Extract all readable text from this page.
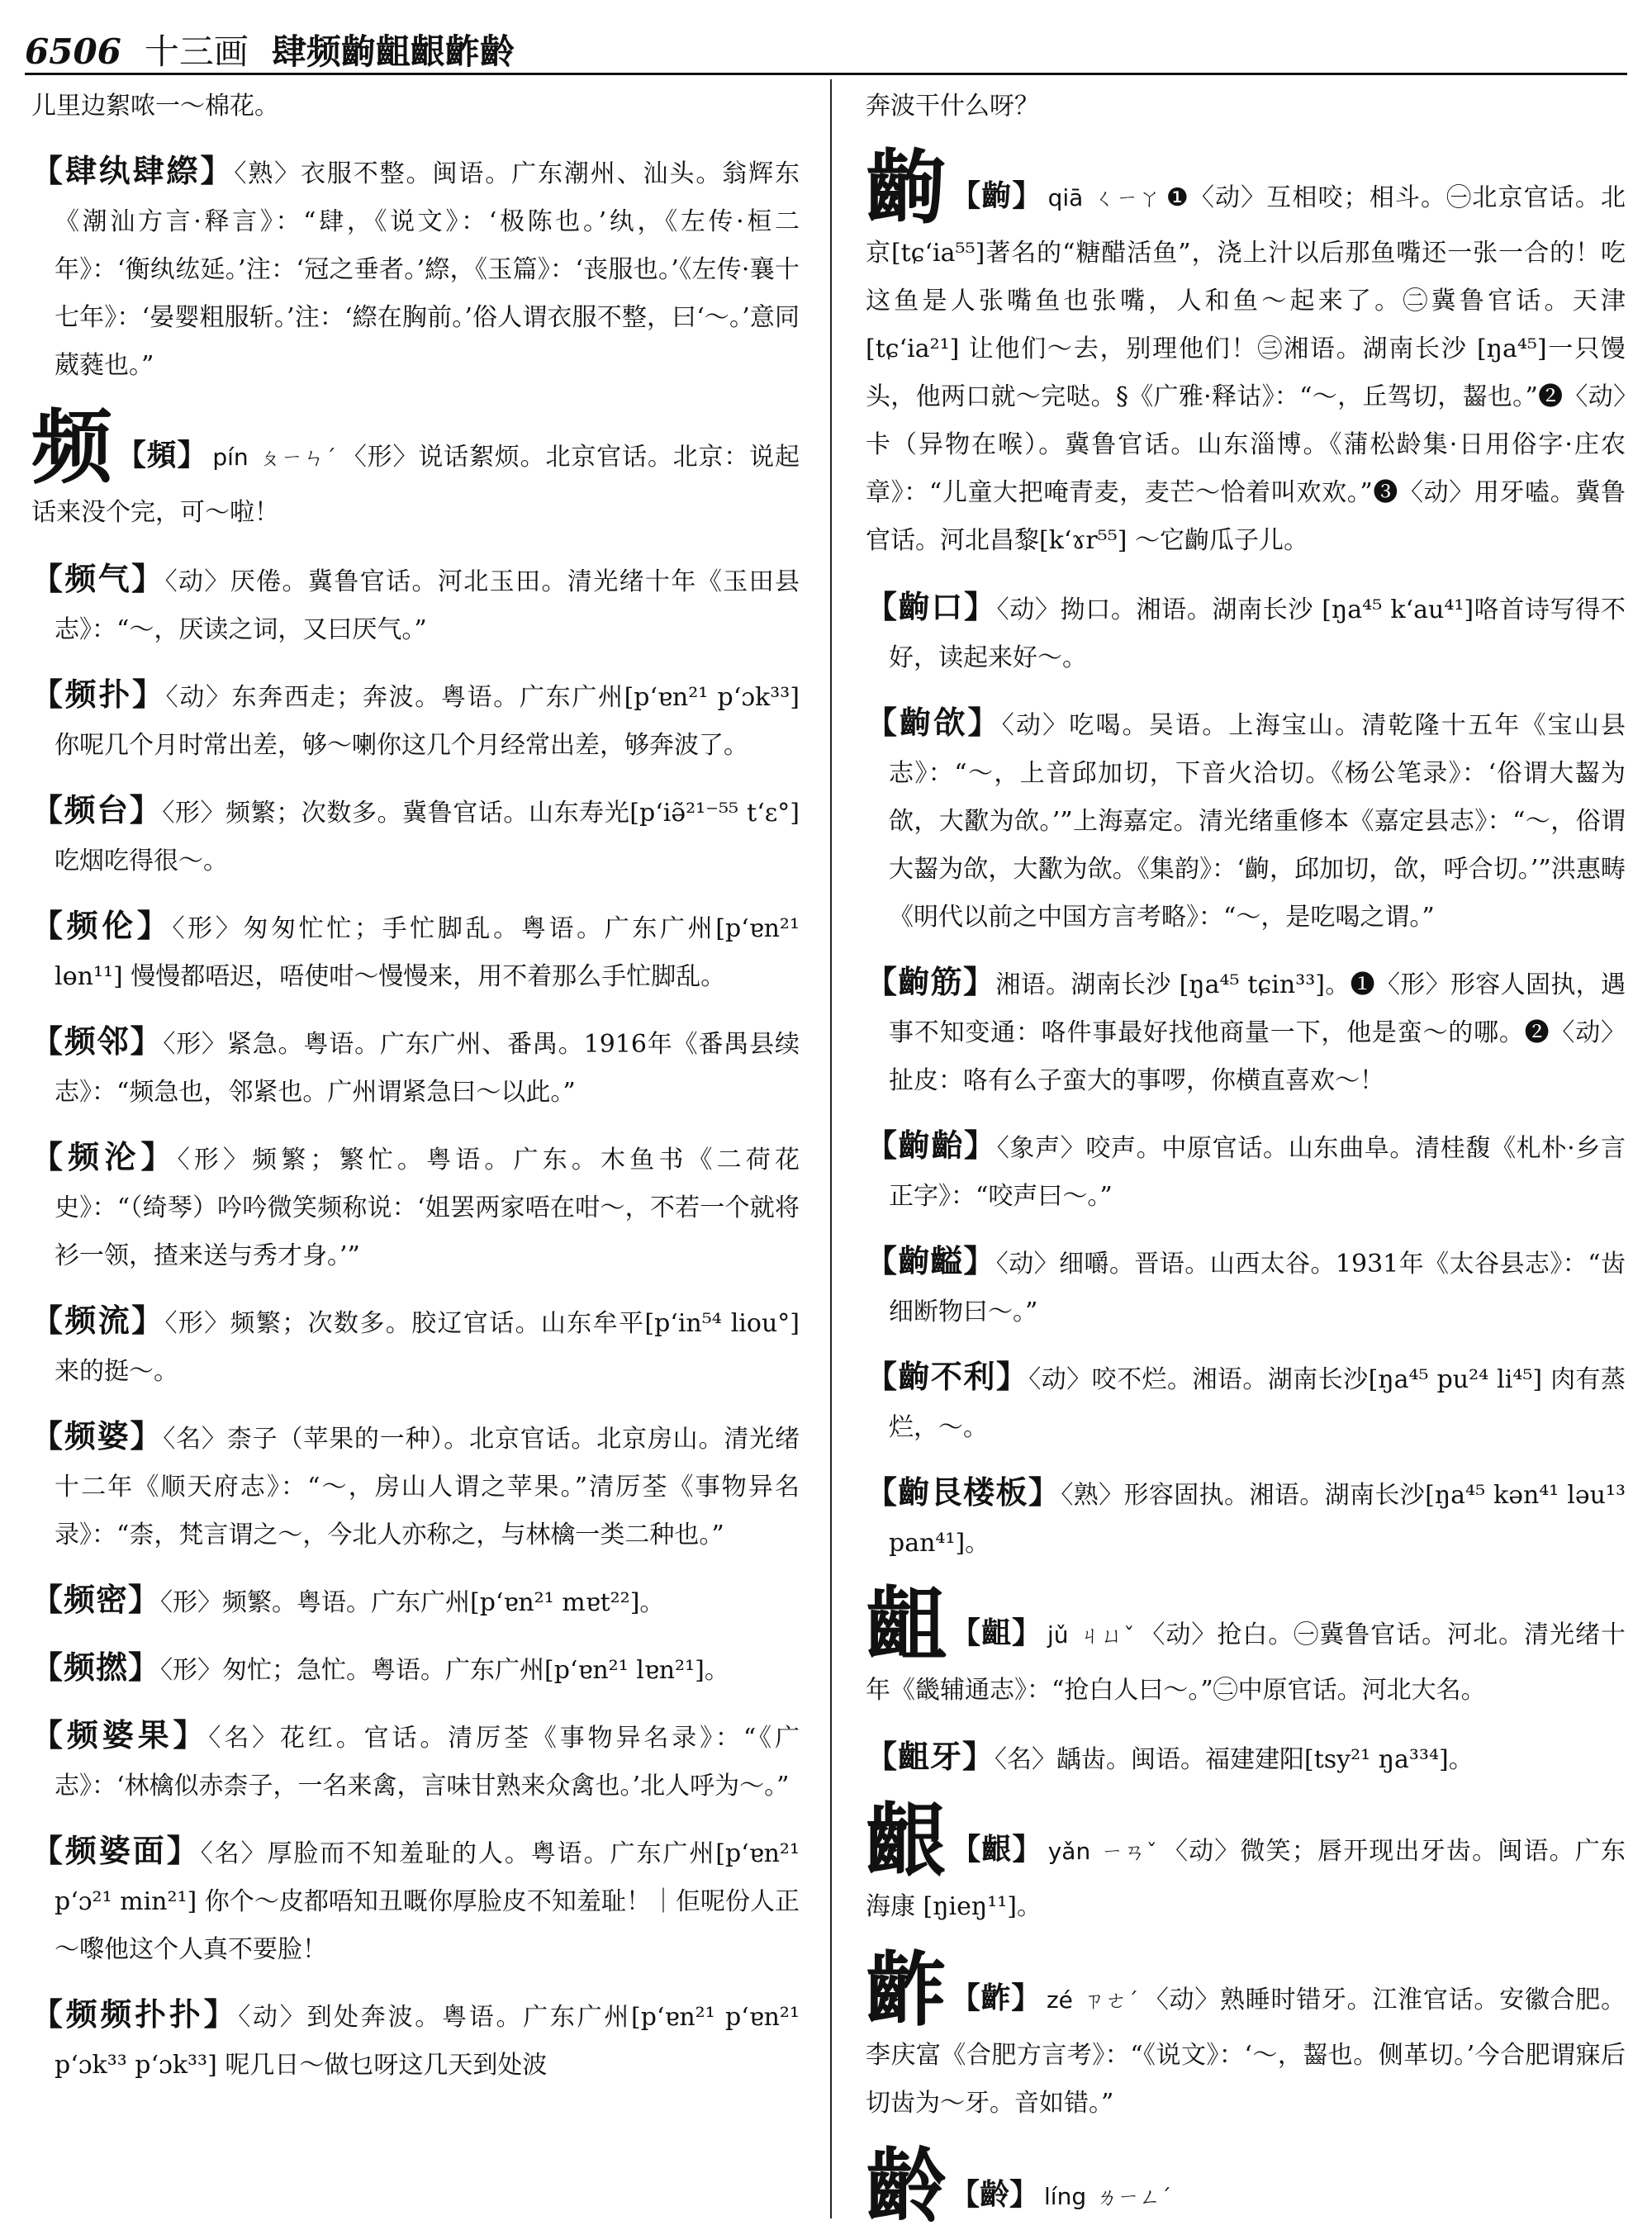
6506 十三画 肆频齣齟齦齚齡
儿里边絮哝一～棉花。
【肆纨肆縩】〈熟〉衣服不整。闽语。广东潮州、汕头。翁辉东《潮汕方言·释言》：“肆，《说文》：‘极陈也。’纨，《左传·桓二年》：‘衡纨纮延。’注：‘冠之垂者。’縩，《玉篇》：‘丧服也。’《左传·襄十七年》：‘晏婴粗服斩。’注：‘縩在胸前。’俗人谓衣服不整，曰‘～。’意同葳蕤也。”
频 【頻】 pín ㄆㄧㄣˊ 〈形〉说话絮烦。北京官话。北京：说起话来没个完，可～啦！
【频气】〈动〉厌倦。冀鲁官话。河北玉田。清光绪十年《玉田县志》：“～，厌读之词，又曰厌气。”
【频扑】〈动〉东奔西走；奔波。粤语。广东广州[p‘ɐn²¹ p‘ɔk³³] 你呢几个月时常出差，够～喇你这几个月经常出差，够奔波了。
【频台】〈形〉频繁；次数多。冀鲁官话。山东寿光[p‘iə̃²¹⁻⁵⁵ t‘ɛ°] 吃烟吃得很～。
【频伦】〈形〉匆匆忙忙；手忙脚乱。粤语。广东广州[p‘ɐn²¹ lɵn¹¹] 慢慢都唔迟，唔使咁～慢慢来，用不着那么手忙脚乱。
【频邻】〈形〉紧急。粤语。广东广州、番禺。1916年《番禺县续志》：“频急也，邻紧也。广州谓紧急曰～以此。”
【频沦】〈形〉频繁；繁忙。粤语。广东。木鱼书《二荷花史》：“（绮琴）吟吟微笑频称说：‘姐罢两家唔在咁～，不若一个就将衫一领，揸来送与秀才身。’”
【频流】〈形〉频繁；次数多。胶辽官话。山东牟平[p‘in⁵⁴ liou°] 来的挺～。
【频婆】〈名〉柰子（苹果的一种）。北京官话。北京房山。清光绪十二年《顺天府志》：“～，房山人谓之苹果。”清厉荃《事物异名录》：“柰，梵言谓之～，今北人亦称之，与林檎一类二种也。”
【频密】〈形〉频繁。粤语。广东广州[p‘ɐn²¹ mɐt²²]。
【频撚】〈形〉匆忙；急忙。粤语。广东广州[p‘ɐn²¹ lɐn²¹]。
【频婆果】〈名〉花红。官话。清厉荃《事物异名录》：“《广志》：‘林檎似赤柰子，一名来禽，言味甘熟来众禽也。’北人呼为～。”
【频婆面】〈名〉厚脸而不知羞耻的人。粤语。广东广州[p‘ɐn²¹ p‘ɔ²¹ min²¹] 你个～皮都唔知丑嘅你厚脸皮不知羞耻！｜佢呢份人正～嚟他这个人真不要脸！
【频频扑扑】〈动〉到处奔波。粤语。广东广州[p‘ɐn²¹ p‘ɐn²¹ p‘ɔk³³ p‘ɔk³³] 呢几日～做乜呀这几天到处波
奔波干什么呀？
齣 【齣】 qiā ㄑㄧㄚ ❶〈动〉互相咬；相斗。㊀北京官话。北京[tɕ‘ia⁵⁵]著名的“糖醋活鱼”，浇上汁以后那鱼嘴还一张一合的！吃这鱼是人张嘴鱼也张嘴，人和鱼～起来了。㊁冀鲁官话。天津 [tɕ‘ia²¹] 让他们～去，别理他们！㊂湘语。湖南长沙 [ŋa⁴⁵]一只馒头，他两口就～完哒。§《广雅·释诂》：“～，丘驾切，齧也。”❷〈动〉卡（异物在喉）。冀鲁官话。山东淄博。《蒲松龄集·日用俗字·庄农章》：“儿童大把唵青麦，麦芒～恰着叫欢欢。”❸〈动〉用牙嗑。冀鲁官话。河北昌黎[k‘ɤr⁵⁵] ～它齣瓜子儿。
【齣口】〈动〉拗口。湘语。湖南长沙 [ŋa⁴⁵ k‘au⁴¹]咯首诗写得不好，读起来好～。
【齣欱】〈动〉吃喝。吴语。上海宝山。清乾隆十五年《宝山县志》：“～，上音邱加切，下音火洽切。《杨公笔录》：‘俗谓大齧为欱，大歠为欱。’”上海嘉定。清光绪重修本《嘉定县志》：“～，俗谓大齧为欱，大歠为欱。《集韵》：‘齣，邱加切，欱，呼合切。’”洪惠畴《明代以前之中国方言考略》：“～，是吃喝之谓。”
【齣筋】湘语。湖南长沙 [ŋa⁴⁵ tɕin³³]。❶〈形〉形容人固执，遇事不知变通：咯件事最好找他商量一下，他是蛮～的哪。❷〈动〉扯皮：咯有么子蛮大的事啰，你横直喜欢～！
【齣齝】〈象声〉咬声。中原官话。山东曲阜。清桂馥《札朴·乡言正字》：“咬声曰～。”
【齣齸】〈动〉细嚼。晋语。山西太谷。1931年《太谷县志》：“齿细断物曰～。”
【齣不利】〈动〉咬不烂。湘语。湖南长沙[ŋa⁴⁵ pu²⁴ li⁴⁵] 肉有蒸烂，～。
【齣艮楼板】〈熟〉形容固执。湘语。湖南长沙[ŋa⁴⁵ kən⁴¹ ləu¹³ pan⁴¹]。
齟 【齟】 jǔ ㄐㄩˇ 〈动〉抢白。㊀冀鲁官话。河北。清光绪十年《畿辅通志》：“抢白人曰～。”㊁中原官话。河北大名。
【齟牙】〈名〉龋齿。闽语。福建建阳[tsy²¹ ŋa³³⁴]。
齦 【齦】 yǎn ㄧㄢˇ 〈动〉微笑；唇开现出牙齿。闽语。广东海康 [ŋieŋ¹¹]。
齚 【齚】 zé ㄗㄜˊ 〈动〉熟睡时错牙。江淮官话。安徽合肥。李庆富《合肥方言考》：“《说文》：‘～，齧也。侧革切。’今合肥谓寐后切齿为～牙。音如错。”
齡 【齡】 líng ㄌㄧㄥˊ
